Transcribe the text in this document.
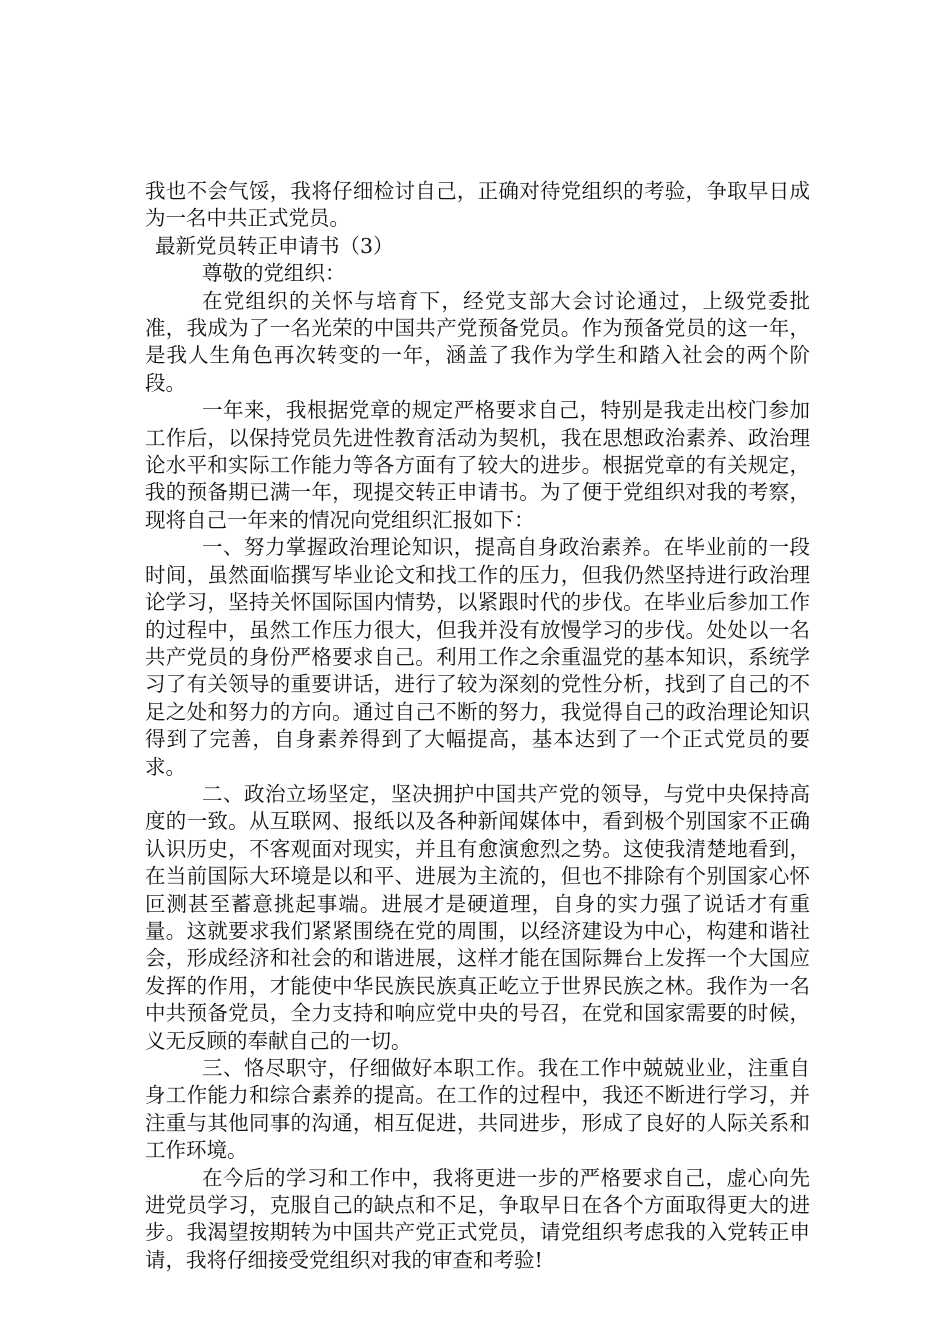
我也不会气馁，我将仔细检讨自己，正确对待党组织的考验，争取早日成为一名中共正式党员。

最新党员转正申请书（3）

尊敬的党组织：

在党组织的关怀与培育下，经党支部大会讨论通过，上级党委批准，我成为了一名光荣的中国共产党预备党员。作为预备党员的这一年，是我人生角色再次转变的一年，涵盖了我作为学生和踏入社会的两个阶段。

一年来，我根据党章的规定严格要求自己，特别是我走出校门参加工作后，以保持党员先进性教育活动为契机，我在思想政治素养、政治理论水平和实际工作能力等各方面有了较大的进步。根据党章的有关规定，我的预备期已满一年，现提交转正申请书。为了便于党组织对我的考察，现将自己一年来的情况向党组织汇报如下：

一、努力掌握政治理论知识，提高自身政治素养。在毕业前的一段时间，虽然面临撰写毕业论文和找工作的压力，但我仍然坚持进行政治理论学习，坚持关怀国际国内情势，以紧跟时代的步伐。在毕业后参加工作的过程中，虽然工作压力很大，但我并没有放慢学习的步伐。处处以一名共产党员的身份严格要求自己。利用工作之余重温党的基本知识，系统学习了有关领导的重要讲话，进行了较为深刻的党性分析，找到了自己的不足之处和努力的方向。通过自己不断的努力，我觉得自己的政治理论知识得到了完善，自身素养得到了大幅提高，基本达到了一个正式党员的要求。

二、政治立场坚定，坚决拥护中国共产党的领导，与党中央保持高度的一致。从互联网、报纸以及各种新闻媒体中，看到极个别国家不正确认识历史，不客观面对现实，并且有愈演愈烈之势。这使我清楚地看到，在当前国际大环境是以和平、进展为主流的，但也不排除有个别国家心怀叵测甚至蓄意挑起事端。进展才是硬道理，自身的实力强了说话才有重量。这就要求我们紧紧围绕在党的周围，以经济建设为中心，构建和谐社会，形成经济和社会的和谐进展，这样才能在国际舞台上发挥一个大国应发挥的作用，才能使中华民族民族真正屹立于世界民族之林。我作为一名中共预备党员，全力支持和响应党中央的号召，在党和国家需要的时候，义无反顾的奉献自己的一切。

三、恪尽职守，仔细做好本职工作。我在工作中兢兢业业，注重自身工作能力和综合素养的提高。在工作的过程中，我还不断进行学习，并注重与其他同事的沟通，相互促进，共同进步，形成了良好的人际关系和工作环境。

在今后的学习和工作中，我将更进一步的严格要求自己，虚心向先进党员学习，克服自己的缺点和不足，争取早日在各个方面取得更大的进步。我渴望按期转为中国共产党正式党员，请党组织考虑我的入党转正申请，我将仔细接受党组织对我的审查和考验!
